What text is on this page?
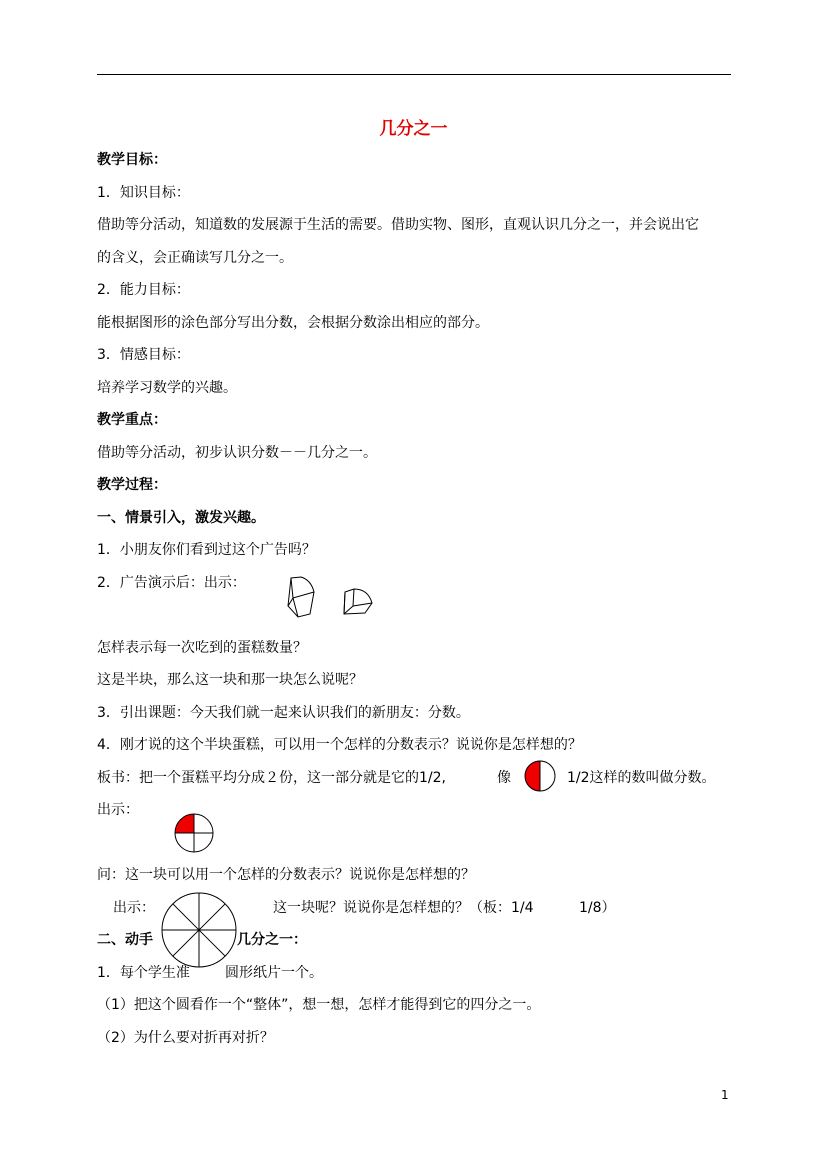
几分之一
教学目标：
1．知识目标：
借助等分活动，知道数的发展源于生活的需要。借助实物、图形，直观认识几分之一，并会说出它
的含义，会正确读写几分之一。
2．能力目标：
能根据图形的涂色部分写出分数，会根据分数涂出相应的部分。
3．情感目标：
培养学习数学的兴趣。
教学重点：
借助等分活动，初步认识分数－－几分之一。
教学过程：
一、情景引入，激发兴趣。
1．小朋友你们看到过这个广告吗？
2．广告演示后：出示：
怎样表示每一次吃到的蛋糕数量？
这是半块，那么这一块和那一块怎么说呢？
3．引出课题：今天我们就一起来认识我们的新朋友：分数。
4．刚才说的这个半块蛋糕，可以用一个怎样的分数表示？说说你是怎样想的？
板书：把一个蛋糕平均分成２份，这一部分就是它的1/2,	像	1/2这样的数叫做分数。
出示：
问：这一块可以用一个怎样的分数表示？说说你是怎样想的？
出示：	这一块呢？说说你是怎样想的？（板：1/4	1/8）
二、动手	几分之一：
1．每个学生准	圆形纸片一个。
（1）把这个圆看作一个“整体”，想一想，怎样才能得到它的四分之一。
（2）为什么要对折再对折？
1
